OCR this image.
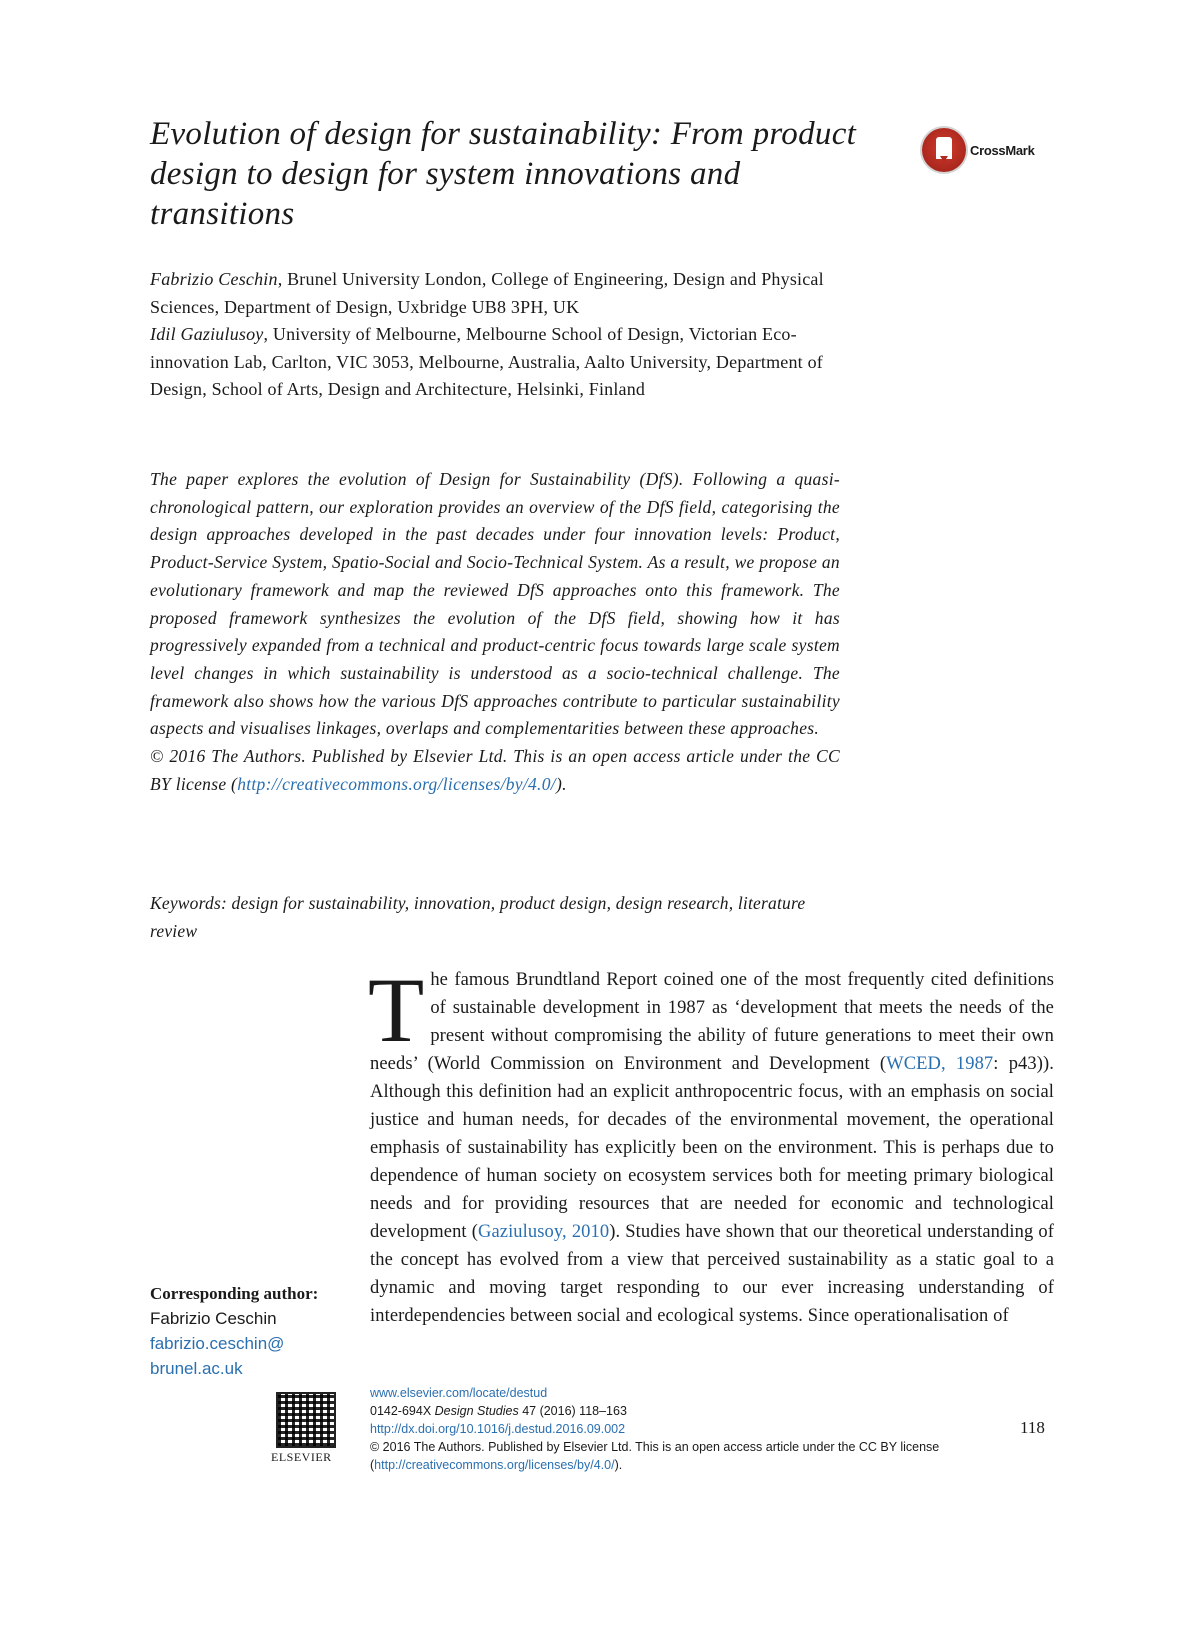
Evolution of design for sustainability: From product design to design for system innovations and transitions
CrossMark
Fabrizio Ceschin, Brunel University London, College of Engineering, Design and Physical Sciences, Department of Design, Uxbridge UB8 3PH, UK
Idil Gaziulusoy, University of Melbourne, Melbourne School of Design, Victorian Eco-innovation Lab, Carlton, VIC 3053, Melbourne, Australia, Aalto University, Department of Design, School of Arts, Design and Architecture, Helsinki, Finland

The paper explores the evolution of Design for Sustainability (DfS). Following a quasi-chronological pattern, our exploration provides an overview of the DfS field, categorising the design approaches developed in the past decades under four innovation levels: Product, Product-Service System, Spatio-Social and Socio-Technical System. As a result, we propose an evolutionary framework and map the reviewed DfS approaches onto this framework. The proposed framework synthesizes the evolution of the DfS field, showing how it has progressively expanded from a technical and product-centric focus towards large scale system level changes in which sustainability is understood as a socio-technical challenge. The framework also shows how the various DfS approaches contribute to particular sustainability aspects and visualises linkages, overlaps and complementarities between these approaches.

© 2016 The Authors. Published by Elsevier Ltd. This is an open access article under the CC BY license (http://creativecommons.org/licenses/by/4.0/).

Keywords: design for sustainability, innovation, product design, design research, literature review
The famous Brundtland Report coined one of the most frequently cited definitions of sustainable development in 1987 as ‘development that meets the needs of the present without compromising the ability of future generations to meet their own needs’ (World Commission on Environment and Development (WCED, 1987: p43)). Although this definition had an explicit anthropocentric focus, with an emphasis on social justice and human needs, for decades of the environmental movement, the operational emphasis of sustainability has explicitly been on the environment. This is perhaps due to dependence of human society on ecosystem services both for meeting primary biological needs and for providing resources that are needed for economic and technological development (Gaziulusoy, 2010). Studies have shown that our theoretical understanding of the concept has evolved from a view that perceived sustainability as a static goal to a dynamic and moving target responding to our ever increasing understanding of interdependencies between social and ecological systems. Since operationalisation of
Corresponding author:
Fabrizio Ceschin
fabrizio.ceschin@
brunel.ac.uk
ELSEVIER
www.elsevier.com/locate/destud
0142-694X Design Studies 47 (2016) 118–163
http://dx.doi.org/10.1016/j.destud.2016.09.002
© 2016 The Authors. Published by Elsevier Ltd. This is an open access article under the CC BY license
(http://creativecommons.org/licenses/by/4.0/).
118
